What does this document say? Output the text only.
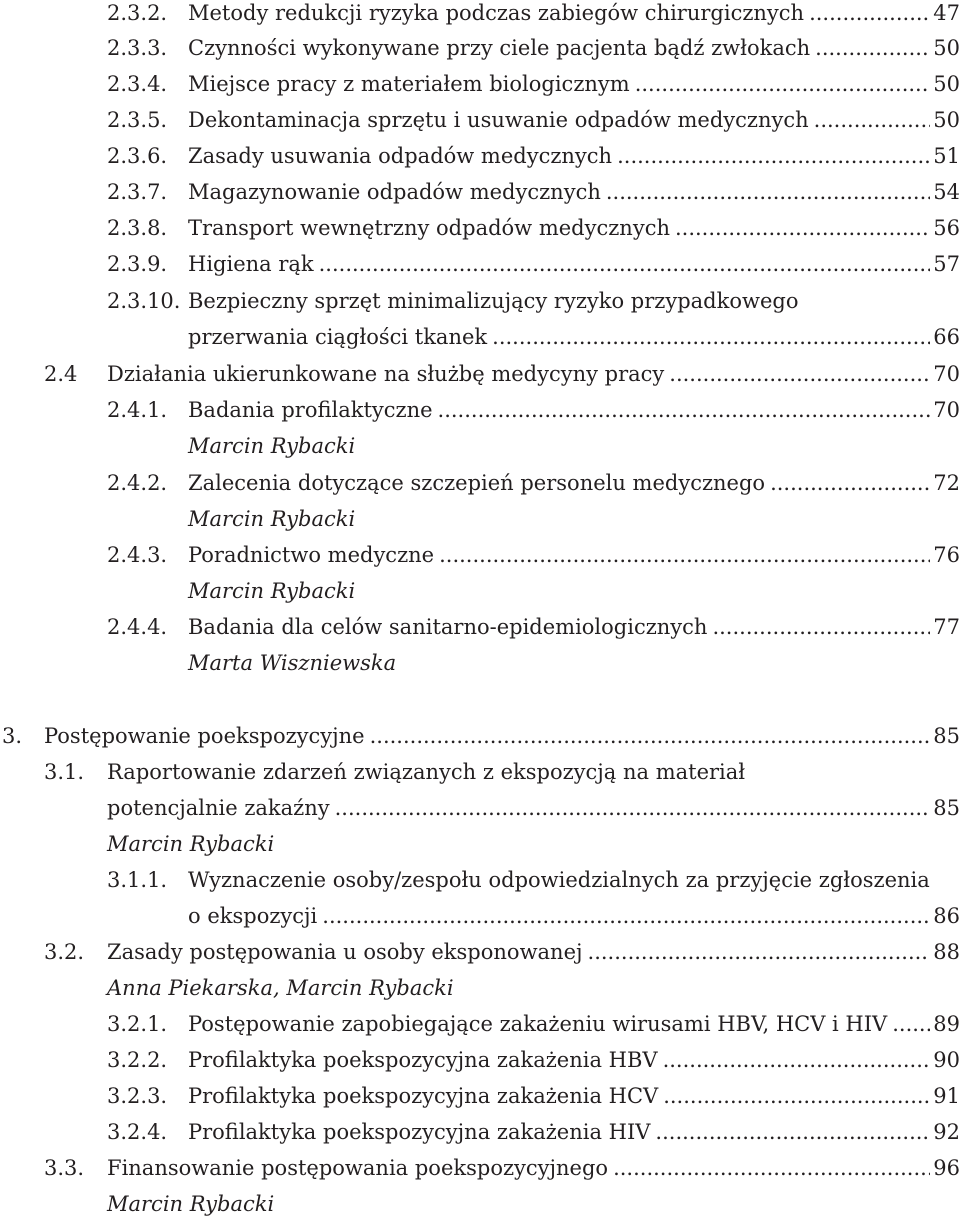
2.3.2. Metody redukcji ryzyka podczas zabiegów chirurgicznych .....	47
2.3.3. Czynności wykonywane przy ciele pacjenta bądź zwłokach .....	50
2.3.4. Miejsce pracy z materiałem biologicznym .....	50
2.3.5. Dekontaminacja sprzętu i usuwanie odpadów medycznych .....	50
2.3.6. Zasady usuwania odpadów medycznych .....	51
2.3.7. Magazynowanie odpadów medycznych .....	54
2.3.8. Transport wewnętrzny odpadów medycznych .....	56
2.3.9. Higiena rąk .....	57
2.3.10. Bezpieczny sprzęt minimalizujący ryzyko przypadkowego
przerwania ciągłości tkanek .....	66
2.4 Działania ukierunkowane na służbę medycyny pracy .....	70
2.4.1. Badania profilaktyczne .....	70
Marcin Rybacki
2.4.2. Zalecenia dotyczące szczepień personelu medycznego .....	72
Marcin Rybacki
2.4.3. Poradnictwo medyczne .....	76
Marcin Rybacki
2.4.4. Badania dla celów sanitarno-epidemiologicznych .....	77
Marta Wiszniewska
3. Postępowanie poekspozycyjne .....	85
3.1. Raportowanie zdarzeń związanych z ekspozycją na materiał
potencjalnie zakaźny .....	85
Marcin Rybacki
3.1.1. Wyznaczenie osoby/zespołu odpowiedzialnych za przyjęcie zgłoszenia
o ekspozycji .....	86
3.2. Zasady postępowania u osoby eksponowanej .....	88
Anna Piekarska, Marcin Rybacki
3.2.1. Postępowanie zapobiegające zakażeniu wirusami HBV, HCV i HIV ..... 89
3.2.2. Profilaktyka poekspozycyjna zakażenia HBV .....	90
3.2.3. Profilaktyka poekspozycyjna zakażenia HCV .....	91
3.2.4. Profilaktyka poekspozycyjna zakażenia HIV .....	92
3.3. Finansowanie postępowania poekspozycyjnego .....	96
Marcin Rybacki
